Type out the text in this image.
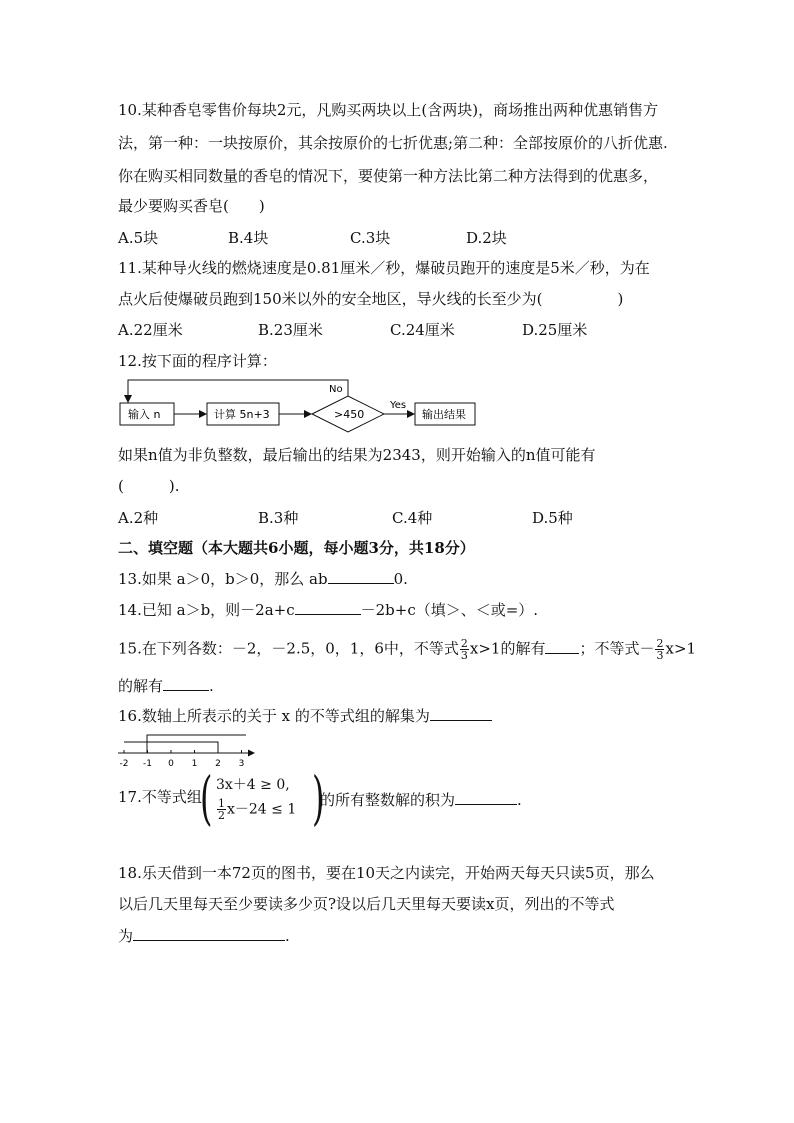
10.某种香皂零售价每块2元，凡购买两块以上(含两块)，商场推出两种优惠销售方
法，第一种：一块按原价，其余按原价的七折优惠;第二种：全部按原价的八折优惠.
你在购买相同数量的香皂的情况下，要使第一种方法比第二种方法得到的优惠多，
最少要购买香皂(　　)
A.5块	B.4块	C.3块	D.2块
11.某种导火线的燃烧速度是0.81厘米／秒，爆破员跑开的速度是5米／秒，为在
点火后使爆破员跑到150米以外的安全地区，导火线的长至少为(　　　　　)
A.22厘米	B.23厘米	C.24厘米	D.25厘米
12.按下面的程序计算：
No
输入 n	计算 5n+3	>450
Yes
输出结果
如果n值为非负整数，最后输出的结果为2343，则开始输入的n值可能有
(　　　).
A.2种	B.3种	C.4种	D.5种
二、填空题（本大题共6小题，每小题3分，共18分）
13.如果 a＞0，b＞0，那么 ab	0.
14.已知 a＞b，则－2a+c	－2b+c（填＞、＜或=）.
15.在下列各数：－2，－2.5，0，1，6中，不等式 $\frac{2}{3} x>1$的解有 ；不等式－ $\frac{2}{3} x>1$
的解有	.
16.数轴上所表示的关于 x 的不等式组的解集为
-2 -1 0 1 2 3
17.不等式组
( 3x＋4 ≥ 0,
$\frac{1}{2} x-24 \le 1$ )
的所有整数解的积为	.
18.乐天借到一本72页的图书，要在10天之内读完，开始两天每天只读5页，那么
以后几天里每天至少要读多少页?设以后几天里每天要读x页，列出的不等式
为	.
